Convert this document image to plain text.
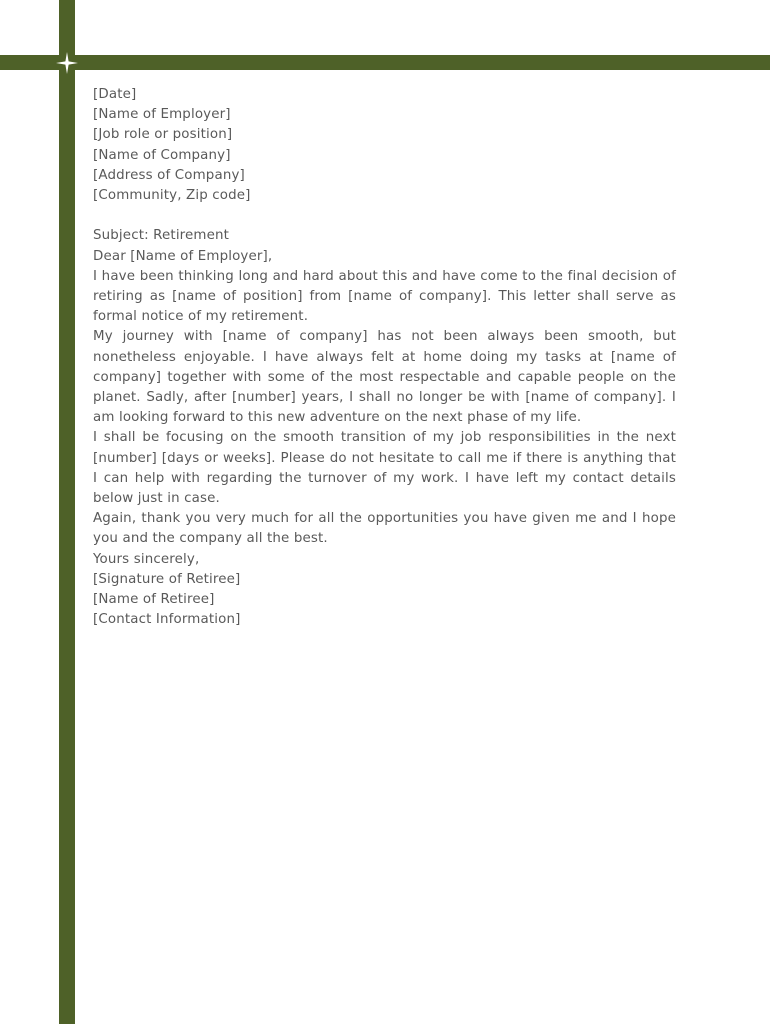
[Date]

[Name of Employer]
[Job role or position]
[Name of Company]
[Address of Company]
[Community, Zip code]

Subject: Retirement

Dear [Name of Employer],

I have been thinking long and hard about this and have come to the final decision of retiring as [name of position] from [name of company]. This letter shall serve as formal notice of my retirement.

My journey with [name of company] has not been always been smooth, but nonetheless enjoyable. I have always felt at home doing my tasks at [name of company] together with some of the most respectable and capable people on the planet. Sadly, after [number] years, I shall no longer be with [name of company]. I am looking forward to this new adventure on the next phase of my life.

I shall be focusing on the smooth transition of my job responsibilities in the next [number] [days or weeks]. Please do not hesitate to call me if there is anything that I can help with regarding the turnover of my work. I have left my contact details below just in case.

Again, thank you very much for all the opportunities you have given me and I hope you and the company all the best.

Yours sincerely,

[Signature of Retiree]
[Name of Retiree]
[Contact Information]
